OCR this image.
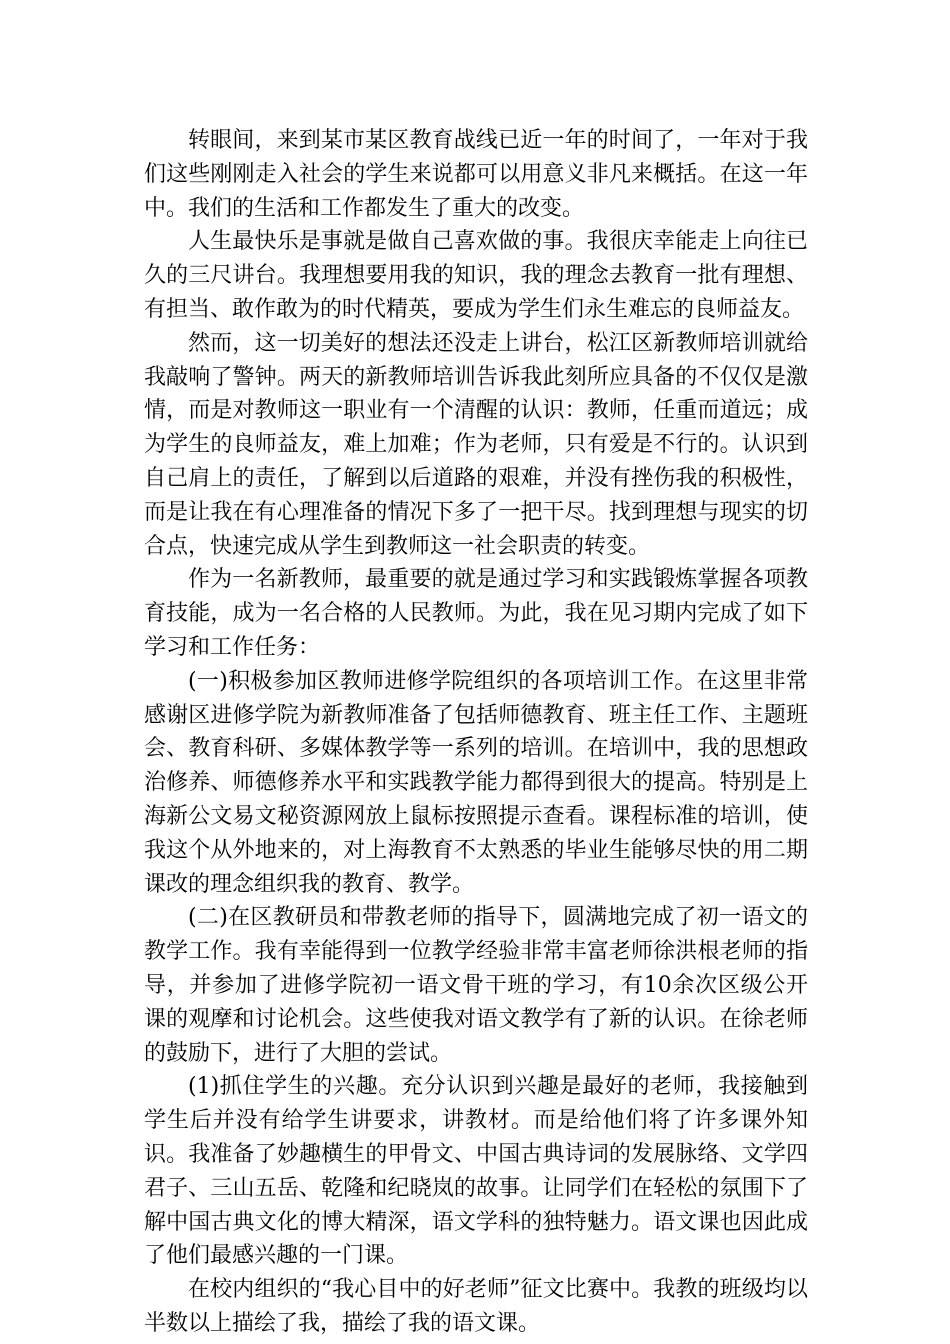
转眼间，来到某市某区教育战线已近一年的时间了，一年对于我们这些刚刚走入社会的学生来说都可以用意义非凡来概括。在这一年中。我们的生活和工作都发生了重大的改变。

人生最快乐是事就是做自己喜欢做的事。我很庆幸能走上向往已久的三尺讲台。我理想要用我的知识，我的理念去教育一批有理想、有担当、敢作敢为的时代精英，要成为学生们永生难忘的良师益友。

然而，这一切美好的想法还没走上讲台，松江区新教师培训就给我敲响了警钟。两天的新教师培训告诉我此刻所应具备的不仅仅是激情，而是对教师这一职业有一个清醒的认识：教师，任重而道远；成为学生的良师益友，难上加难；作为老师，只有爱是不行的。认识到自己肩上的责任，了解到以后道路的艰难，并没有挫伤我的积极性，而是让我在有心理准备的情况下多了一把干尽。找到理想与现实的切合点，快速完成从学生到教师这一社会职责的转变。

作为一名新教师，最重要的就是通过学习和实践锻炼掌握各项教育技能，成为一名合格的人民教师。为此，我在见习期内完成了如下学习和工作任务：

(一)积极参加区教师进修学院组织的各项培训工作。在这里非常感谢区进修学院为新教师准备了包括师德教育、班主任工作、主题班会、教育科研、多媒体教学等一系列的培训。在培训中，我的思想政治修养、师德修养水平和实践教学能力都得到很大的提高。特别是上海新公文易文秘资源网放上鼠标按照提示查看。课程标准的培训，使我这个从外地来的，对上海教育不太熟悉的毕业生能够尽快的用二期课改的理念组织我的教育、教学。

(二)在区教研员和带教老师的指导下，圆满地完成了初一语文的教学工作。我有幸能得到一位教学经验非常丰富老师徐洪根老师的指导，并参加了进修学院初一语文骨干班的学习，有10余次区级公开课的观摩和讨论机会。这些使我对语文教学有了新的认识。在徐老师的鼓励下，进行了大胆的尝试。

(1)抓住学生的兴趣。充分认识到兴趣是最好的老师，我接触到学生后并没有给学生讲要求，讲教材。而是给他们将了许多课外知识。我准备了妙趣横生的甲骨文、中国古典诗词的发展脉络、文学四君子、三山五岳、乾隆和纪晓岚的故事。让同学们在轻松的氛围下了解中国古典文化的博大精深，语文学科的独特魅力。语文课也因此成了他们最感兴趣的一门课。

在校内组织的“我心目中的好老师”征文比赛中。我教的班级均以半数以上描绘了我，描绘了我的语文课。
